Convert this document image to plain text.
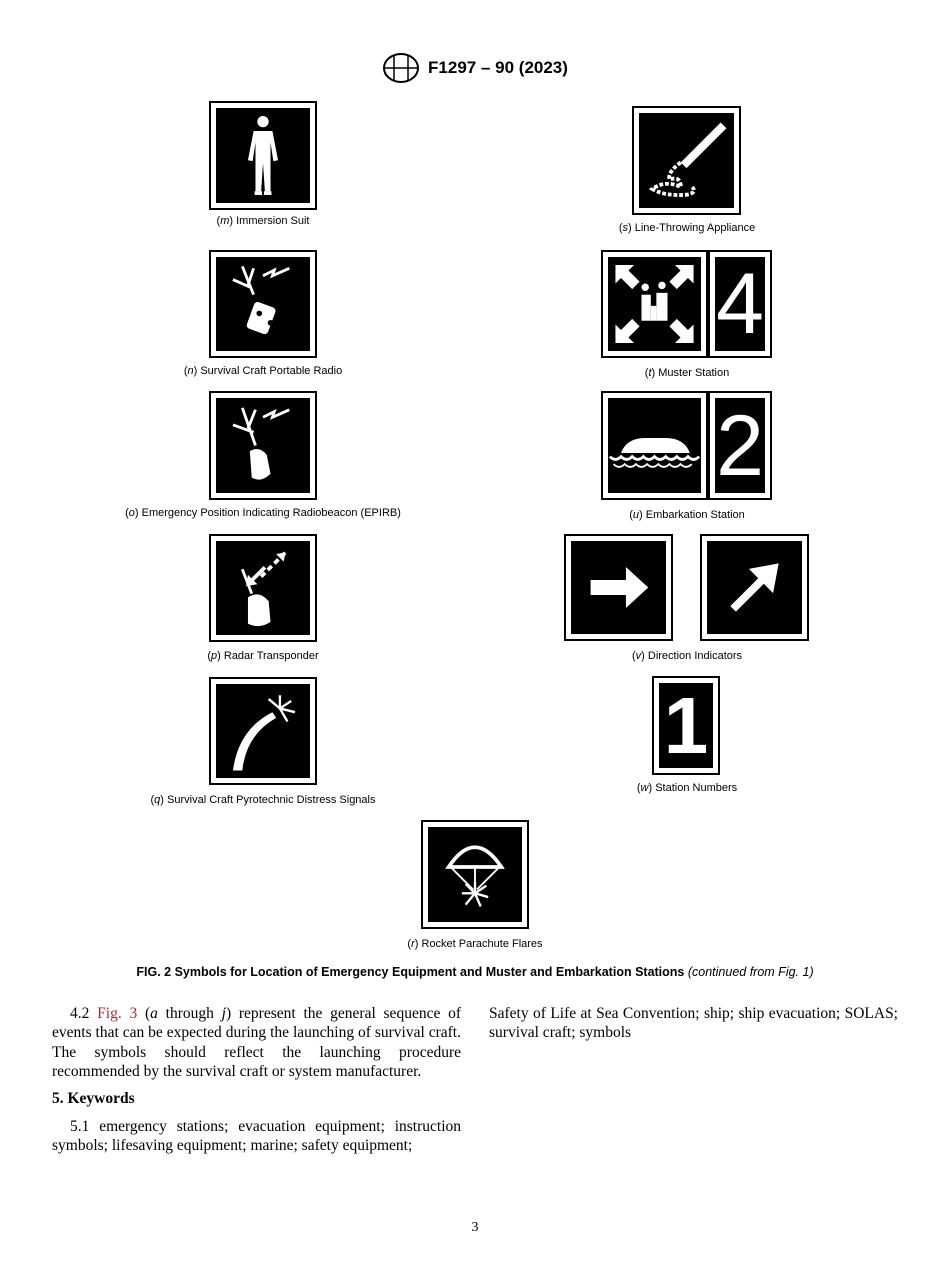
F1297 – 90 (2023)
(m) Immersion Suit
(n) Survival Craft Portable Radio
(o) Emergency Position Indicating Radiobeacon (EPIRB)
(p) Radar Transponder
(q) Survival Craft Pyrotechnic Distress Signals
(r) Rocket Parachute Flares
(s) Line-Throwing Appliance
4
(t) Muster Station
2
(u) Embarkation Station
(v) Direction Indicators
1
(w) Station Numbers
FIG. 2 Symbols for Location of Emergency Equipment and Muster and Embarkation Stations (continued from Fig. 1)
4.2 Fig. 3 (a through j) represent the general sequence of events that can be expected during the launching of survival craft. The symbols should reflect the launching procedure recommended by the survival craft or system manufacturer.
5. Keywords
5.1 emergency stations; evacuation equipment; instruction symbols; lifesaving equipment; marine; safety equipment;
Safety of Life at Sea Convention; ship; ship evacuation; SOLAS; survival craft; symbols
3
